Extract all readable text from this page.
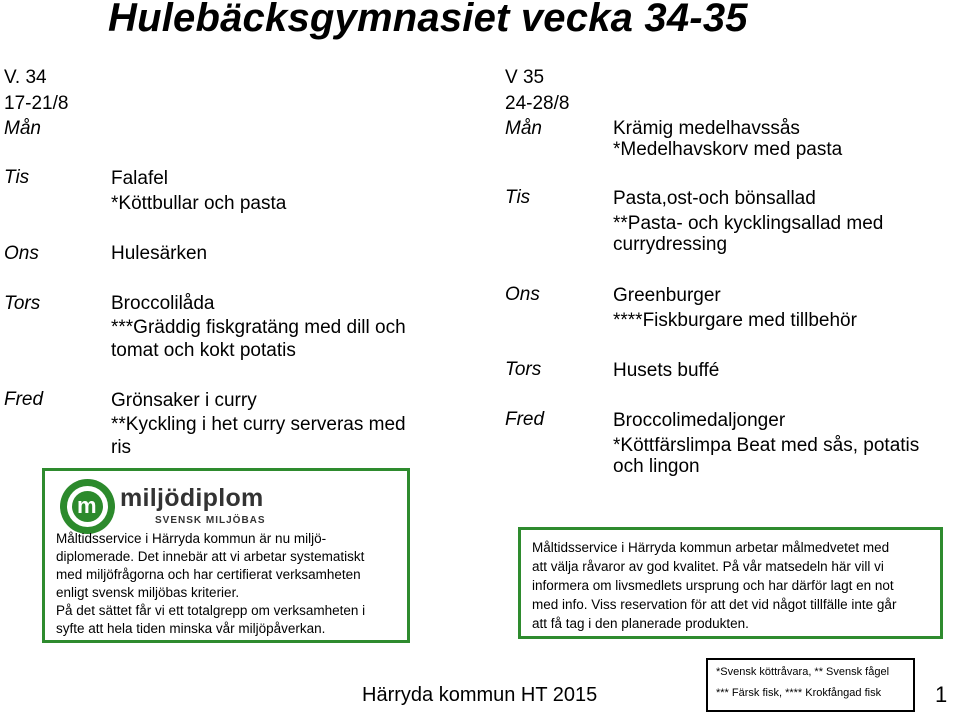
Hulebäcksgymnasiet vecka 34-35
V. 34
17-21/8
Mån
Tis	Falafel
*Köttbullar och pasta
Ons	Hulesärken
Tors	Broccolilåda
***Gräddig fiskgratäng med dill och
tomat och kokt potatis
Fred	Grönsaker i curry
**Kyckling i het curry serveras med
ris
V 35
24-28/8
Mån	Krämig medelhavssås
*Medelhavskorv med pasta
Tis	Pasta,ost-och bönsallad
**Pasta- och kycklingsallad med
currydressing
Ons	Greenburger
****Fiskburgare med tillbehör
Tors	Husets buffé
Fred	Broccolimedaljonger
*Köttfärslimpa Beat med sås, potatis
och lingon
m miljödiplom
SVENSK MILJÖBAS
Måltidsservice i Härryda kommun är nu miljö-
diplomerade. Det innebär att vi arbetar systematiskt
med miljöfrågorna och har certifierat verksamheten
enligt svensk miljöbas kriterier.
På det sättet får vi ett totalgrepp om verksamheten i
syfte att hela tiden minska vår miljöpåverkan.
Måltidsservice i Härryda kommun arbetar målmedvetet med
att välja råvaror av god kvalitet. På vår matsedeln här vill vi
informera om livsmedlets ursprung och har därför lagt en not
med info. Viss reservation för att det vid något tillfälle inte går
att få tag i den planerade produkten.
*Svensk köttråvara, ** Svensk fågel
*** Färsk fisk, **** Krokfångad fisk
Härryda kommun HT 2015	1
